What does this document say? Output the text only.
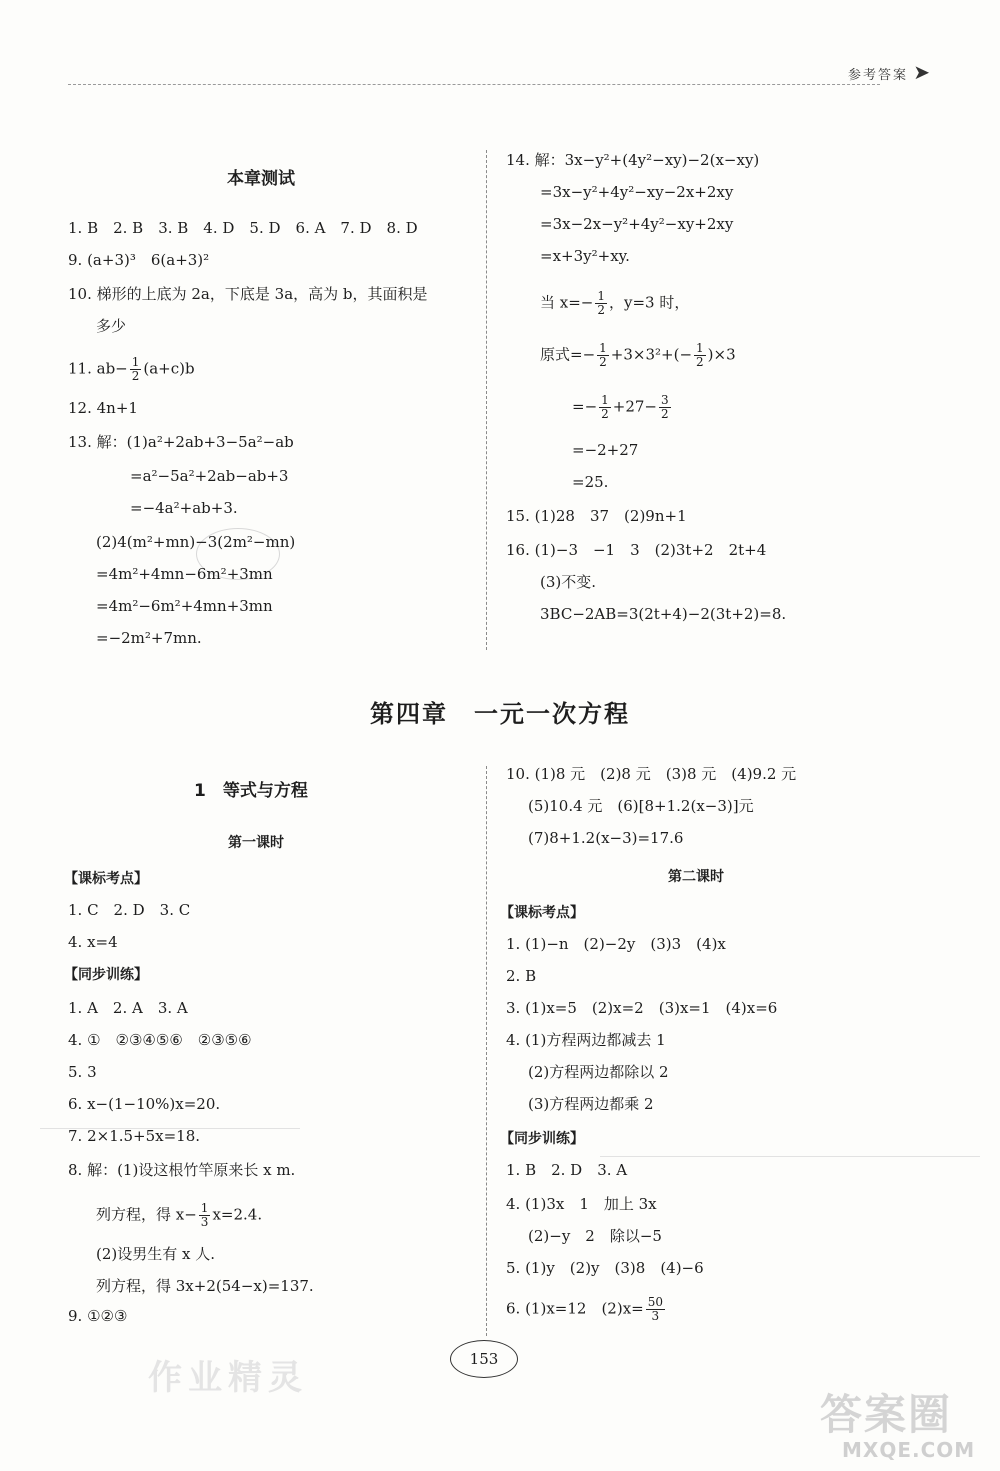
参考答案 ➤
本章测试
1. B　2. B　3. B　4. D　5. D　6. A　7. D　8. D
9. (a+3)³　6(a+3)²
10. 梯形的上底为 2a，下底是 3a，高为 b，其面积是
多少
11. $ab- \frac{1}{2} (a+c)b$
12. 4n+1
13. 解：(1)a²+2ab+3−5a²−ab
=a²−5a²+2ab−ab+3
=−4a²+ab+3.
(2)4(m²+mn)−3(2m²−mn)
=4m²+4mn−6m²+3mn
=4m²−6m²+4mn+3mn
=−2m²+7mn.
14. 解：3x−y²+(4y²−xy)−2(x−xy)
=3x−y²+4y²−xy−2x+2xy
=3x−2x−y²+4y²−xy+2xy
=x+3y²+xy.
当 $x=- \frac{1}{2}$ ，y=3 时，
原式=− $\frac{1}{2} +3\times 3^2+(- \frac{1}{2} )\times 3$
=− $\frac{1}{2} +27- \frac{3}{2}$
=−2+27
=25.
15. (1)28　37　(2)9n+1
16. (1)−3　−1　3　(2)3t+2　2t+4
(3)不变.
3BC−2AB=3(2t+4)−2(3t+2)=8.
第四章　一元一次方程
1　等式与方程
第一课时
【课标考点】
1. C　2. D　3. C
4. x=4
【同步训练】
1. A　2. A　3. A
4. ①　②③④⑤⑥　②③⑤⑥
5. 3
6. x−(1−10%)x=20.
7. 2×1.5+5x=18.
8. 解：(1)设这根竹竿原来长 x m.
列方程，得 $x- \frac{1}{3} x=2.4$.
(2)设男生有 x 人.
列方程，得 3x+2(54−x)=137.
9. ①②③
10. (1)8 元　(2)8 元　(3)8 元　(4)9.2 元
(5)10.4 元　(6)[8+1.2(x−3)]元
(7)8+1.2(x−3)=17.6
第二课时
【课标考点】
1. (1)−n　(2)−2y　(3)3　(4)x
2. B
3. (1)x=5　(2)x=2　(3)x=1　(4)x=6
4. (1)方程两边都减去 1
(2)方程两边都除以 2
(3)方程两边都乘 2
【同步训练】
1. B　2. D　3. A
4. (1)3x　1　加上 3x
(2)−y　2　除以−5
5. (1)y　(2)y　(3)8　(4)−6
6. (1)x=12　$(2)x= \frac{50}{3}$
153
作业精灵
答案圈
MXQE.COM
